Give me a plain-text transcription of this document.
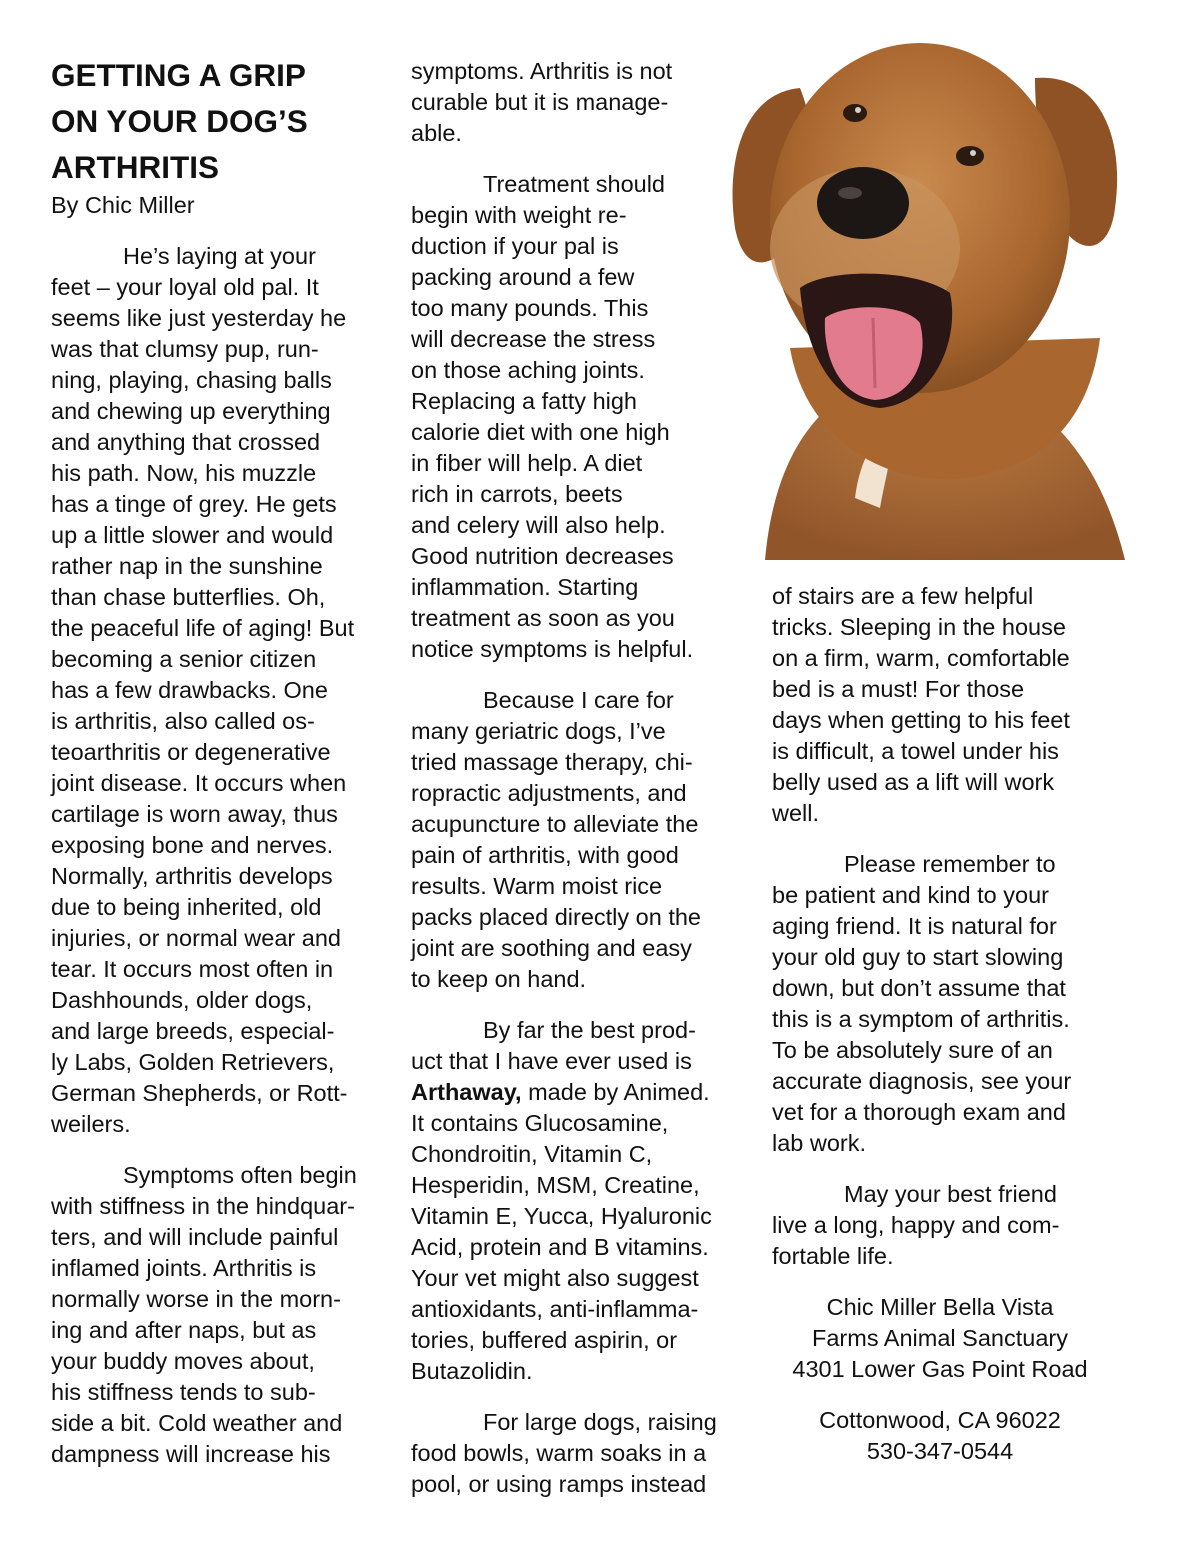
GETTING A GRIP
ON YOUR DOG’S
ARTHRITIS

By Chic Miller

He’s laying at your
feet – your loyal old pal. It
seems like just yesterday he
was that clumsy pup, run-
ning, playing, chasing balls
and chewing up everything
and anything that crossed
his path. Now, his muzzle
has a tinge of grey. He gets
up a little slower and would
rather nap in the sunshine
than chase butterflies. Oh,
the peaceful life of aging! But
becoming a senior citizen
has a few drawbacks. One
is arthritis, also called os-
teoarthritis or degenerative
joint disease. It occurs when
cartilage is worn away, thus
exposing bone and nerves.
Normally, arthritis develops
due to being inherited, old
injuries, or normal wear and
tear. It occurs most often in
Dashhounds, older dogs,
and large breeds, especial-
ly Labs, Golden Retrievers,
German Shepherds, or Rott-
weilers.

Symptoms often begin
with stiffness in the hindquar-
ters, and will include painful
inflamed joints. Arthritis is
normally worse in the morn-
ing and after naps, but as
your buddy moves about,
his stiffness tends to sub-
side a bit. Cold weather and
dampness will increase his

symptoms. Arthritis is not
curable but it is manage-
able.

Treatment should
begin with weight re-
duction if your pal is
packing around a few
too many pounds. This
will decrease the stress
on those aching joints.
Replacing a fatty high
calorie diet with one high
in fiber will help. A diet
rich in carrots, beets
and celery will also help.
Good nutrition decreases
inflammation. Starting
treatment as soon as you
notice symptoms is helpful.

Because I care for
many geriatric dogs, I’ve
tried massage therapy, chi-
ropractic adjustments, and
acupuncture to alleviate the
pain of arthritis, with good
results. Warm moist rice
packs placed directly on the
joint are soothing and easy
to keep on hand.

By far the best prod-
uct that I have ever used is
Arthaway, made by Animed.
It contains Glucosamine,
Chondroitin, Vitamin C,
Hesperidin, MSM, Creatine,
Vitamin E, Yucca, Hyaluronic
Acid, protein and B vitamins.
Your vet might also suggest
antioxidants, anti-inflamma-
tories, buffered aspirin, or
Butazolidin.

For large dogs, raising
food bowls, warm soaks in a
pool, or using ramps instead

of stairs are a few helpful
tricks. Sleeping in the house
on a firm, warm, comfortable
bed is a must! For those
days when getting to his feet
is difficult, a towel under his
belly used as a lift will work
well.

Please remember to
be patient and kind to your
aging friend. It is natural for
your old guy to start slowing
down, but don’t assume that
this is a symptom of arthritis.
To be absolutely sure of an
accurate diagnosis, see your
vet for a thorough exam and
lab work.

May your best friend
live a long, happy and com-
fortable life.

Chic Miller Bella Vista
Farms Animal Sanctuary
4301 Lower Gas Point Road

Cottonwood, CA 96022
530-347-0544
